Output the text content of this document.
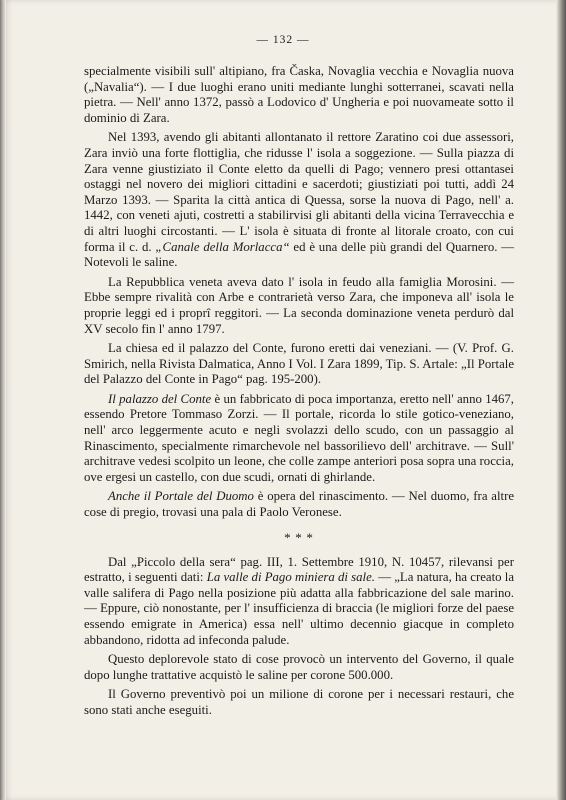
— 132 —

specialmente visibili sull' altipiano, fra Časka, Novaglia vecchia e Novaglia nuova („Navalia“). — I due luoghi erano uniti mediante lunghi sotterranei, scavati nella pietra. — Nell' anno 1372, passò a Lodovico d' Ungheria e poi nuovameate sotto il dominio di Zara.

Nel 1393, avendo gli abitanti allontanato il rettore Zaratino coi due assessori, Zara inviò una forte flottiglia, che ridusse l' isola a soggezione. — Sulla piazza di Zara venne giustiziato il Conte eletto da quelli di Pago; vennero presi ottantasei ostaggi nel novero dei migliori cittadini e sacerdoti; giustiziati poi tutti, addì 24 Marzo 1393. — Sparita la città antica di Quessa, sorse la nuova di Pago, nell' a. 1442, con veneti ajuti, costretti a stabilirvisi gli abitanti della vicina Terravecchia e di altri luoghi circostanti. — L' isola è situata di fronte al litorale croato, con cui forma il c. d. „Canale della Morlacca“ ed è una delle più grandi del Quarnero. — Notevoli le saline.

La Repubblica veneta aveva dato l' isola in feudo alla famiglia Morosini. — Ebbe sempre rivalità con Arbe e contrarietà verso Zara, che imponeva all' isola le proprie leggi ed i proprî reggitori. — La seconda dominazione veneta perdurò dal XV secolo fin l' anno 1797.

La chiesa ed il palazzo del Conte, furono eretti dai veneziani. — (V. Prof. G. Smirich, nella Rivista Dalmatica, Anno I Vol. I Zara 1899, Tip. S. Artale: „Il Portale del Palazzo del Conte in Pago“ pag. 195-200).

Il palazzo del Conte è un fabbricato di poca importanza, eretto nell' anno 1467, essendo Pretore Tommaso Zorzi. — Il portale, ricorda lo stile gotico-veneziano, nell' arco leggermente acuto e negli svolazzi dello scudo, con un passaggio al Rinascimento, specialmente rimarchevole nel bassorilievo dell' architrave. — Sull' architrave vedesi scolpito un leone, che colle zampe anteriori posa sopra una roccia, ove ergesi un castello, con due scudi, ornati di ghirlande.

Anche il Portale del Duomo è opera del rinascimento. — Nel duomo, fra altre cose di pregio, trovasi una pala di Paolo Veronese.

* * *

Dal „Piccolo della sera“ pag. III, 1. Settembre 1910, N. 10457, rilevansi per estratto, i seguenti dati: La valle di Pago miniera di sale. — „La natura, ha creato la valle salifera di Pago nella posizione più adatta alla fabbricazione del sale marino. — Eppure, ciò nonostante, per l' insufficienza di braccia (le migliori forze del paese essendo emigrate in America) essa nell' ultimo decennio giacque in completo abbandono, ridotta ad infeconda palude.

Questo deplorevole stato di cose provocò un intervento del Governo, il quale dopo lunghe trattative acquistò le saline per corone 500.000.

Il Governo preventivò poi un milione di corone per i necessari restauri, che sono stati anche eseguiti.
